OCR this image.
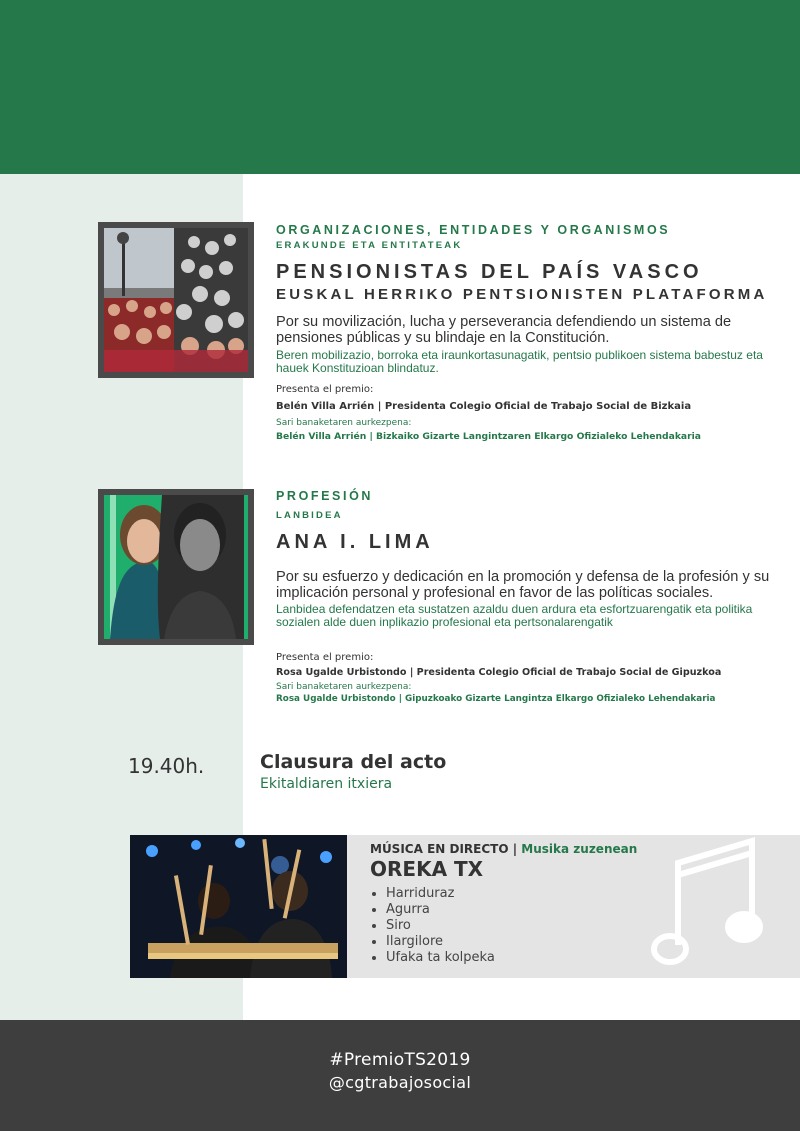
ORGANIZACIONES, ENTIDADES Y ORGANISMOS
ERAKUNDE ETA ENTITATEAK
PENSIONISTAS DEL PAÍS VASCO
EUSKAL HERRIKO PENTSIONISTEN PLATAFORMA
Por su movilización, lucha y perseverancia defendiendo un sistema de pensiones públicas y su blindaje en la Constitución.
Beren mobilizazio, borroka eta iraunkortasunagatik, pentsio publikoen sistema babestuz eta hauek Konstituzioan blindatuz.
Presenta el premio:
Belén Villa Arrién | Presidenta Colegio Oficial de Trabajo Social de Bizkaia
Sari banaketaren aurkezpena:
Belén Villa Arrién | Bizkaiko Gizarte Langintzaren Elkargo Ofizialeko Lehendakaria
PROFESIÓN
LANBIDEA
ANA I. LIMA
Por su esfuerzo y dedicación en la promoción y defensa de la profesión y su implicación personal y profesional en favor de las políticas sociales.
Lanbidea defendatzen eta sustatzen azaldu duen ardura eta esfortzuarengatik eta politika sozialen alde duen inplikazio profesional eta pertsonalarengatik
Presenta el premio:
Rosa Ugalde Urbistondo | Presidenta Colegio Oficial de Trabajo Social de Gipuzkoa
Sari banaketaren aurkezpena:
Rosa Ugalde Urbistondo | Gipuzkoako Gizarte Langintza Elkargo Ofizialeko Lehendakaria
19.40h.	Clausura del acto
Ekitaldiaren itxiera
MÚSICA EN DIRECTO | Musika zuzenean
OREKA TX
• Harriduraz
• Agurra
• Siro
• Ilargilore
• Ufaka ta kolpeka
#PremioTS2019
@cgtrabajosocial
